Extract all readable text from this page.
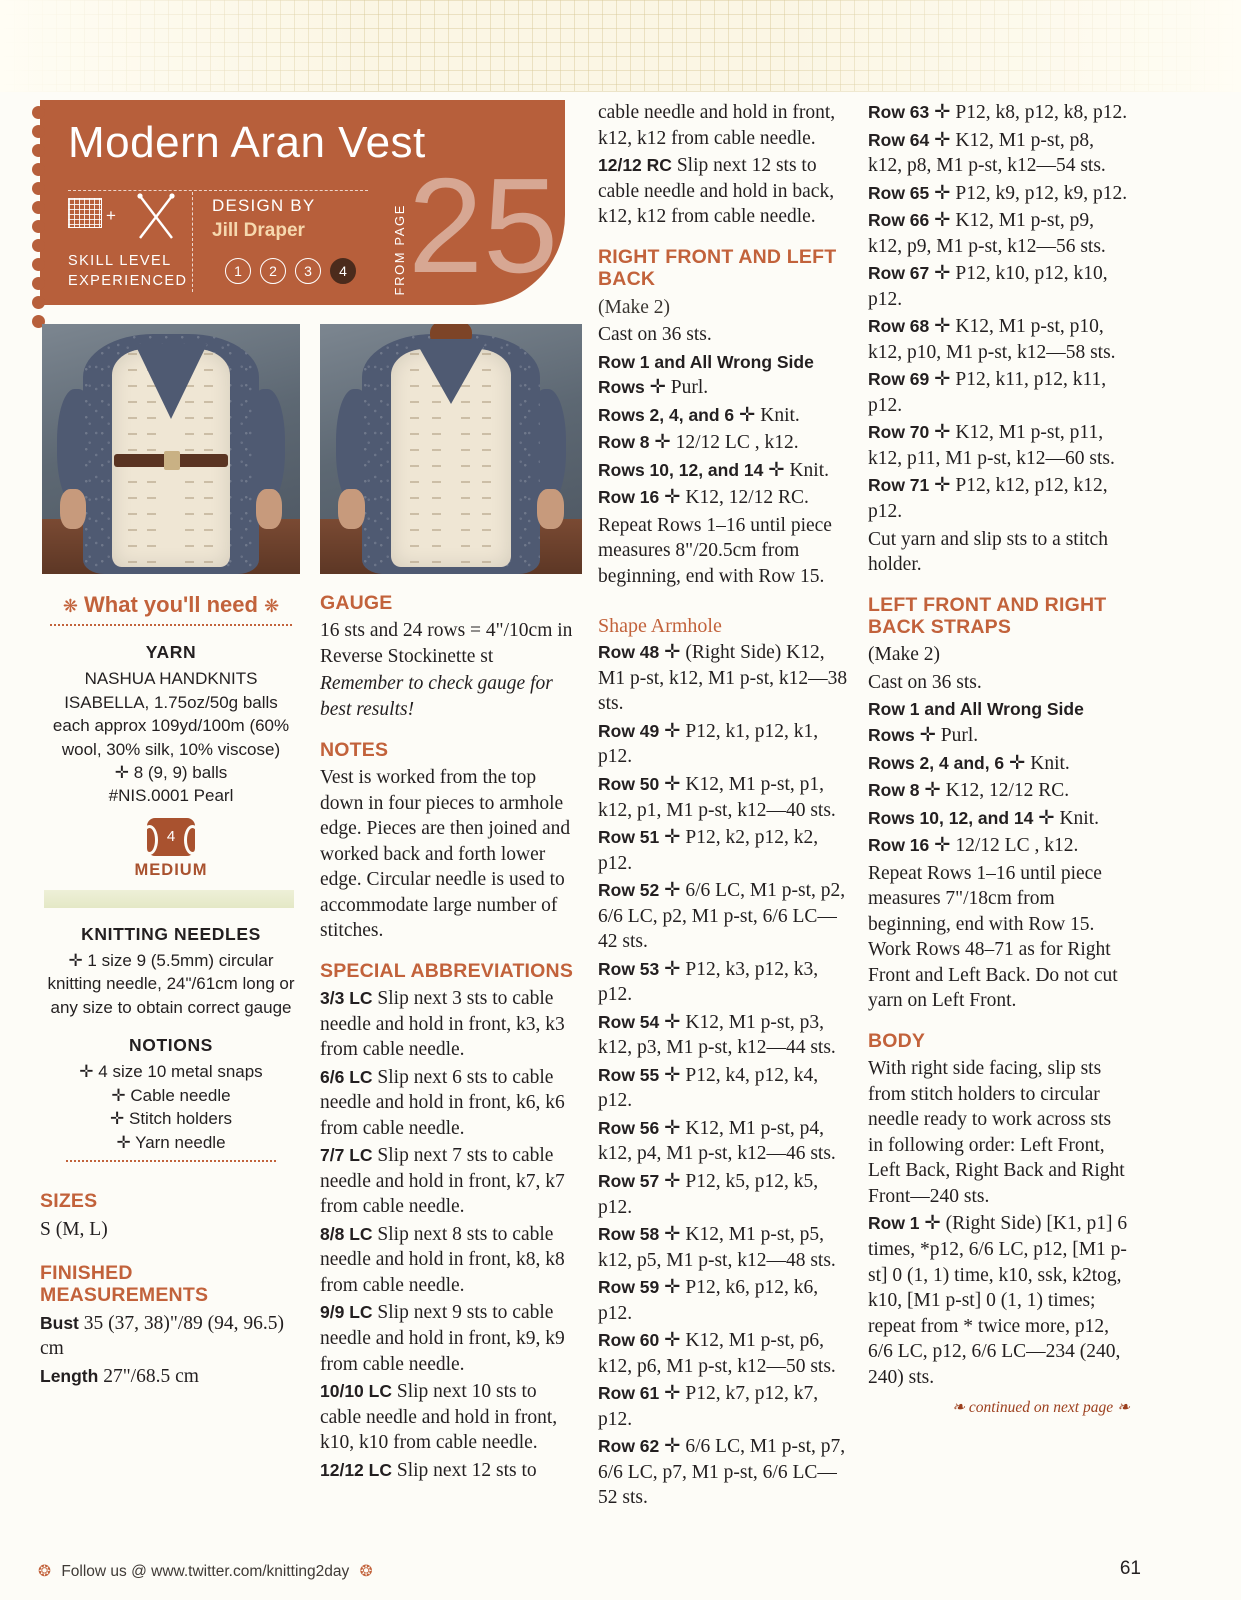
Modern Aran Vest
+
DESIGN BY
Jill Draper
SKILL LEVEL
EXPERIENCED
1	2	3	4	FROM PAGE 25
❋ What you'll need ❋
YARN
NASHUA HANDKNITS ISABELLA, 1.75oz/50g balls each approx 109yd/100m (60% wool, 30% silk, 10% viscose)
✛ 8 (9, 9) balls
#NIS.0001 Pearl
4
MEDIUM
KNITTING NEEDLES
✛ 1 size 9 (5.5mm) circular knitting needle, 24"/61cm long or any size to obtain correct gauge
NOTIONS
✛ 4 size 10 metal snaps
✛ Cable needle
✛ Stitch holders
✛ Yarn needle
SIZES

S (M, L)

FINISHED MEASUREMENTS

Bust 35 (37, 38)"/89 (94, 96.5) cm

Length 27"/68.5 cm

GAUGE

16 sts and 24 rows = 4"/10cm in Reverse Stockinette st

Remember to check gauge for best results!

NOTES

Vest is worked from the top down in four pieces to armhole edge. Pieces are then joined and worked back and forth lower edge. Circular needle is used to accommodate large number of stitches.

SPECIAL ABBREVIATIONS

3/3 LC Slip next 3 sts to cable needle and hold in front, k3, k3 from cable needle.

6/6 LC Slip next 6 sts to cable needle and hold in front, k6, k6 from cable needle.

7/7 LC Slip next 7 sts to cable needle and hold in front, k7, k7 from cable needle.

8/8 LC Slip next 8 sts to cable needle and hold in front, k8, k8 from cable needle.

9/9 LC Slip next 9 sts to cable needle and hold in front, k9, k9 from cable needle.

10/10 LC Slip next 10 sts to cable needle and hold in front, k10, k10 from cable needle.

12/12 LC Slip next 12 sts to

cable needle and hold in front, k12, k12 from cable needle.

12/12 RC Slip next 12 sts to cable needle and hold in back, k12, k12 from cable needle.

RIGHT FRONT AND LEFT BACK

(Make 2)

Cast on 36 sts.

Row 1 and All Wrong Side Rows ✛ Purl.

Rows 2, 4, and 6 ✛ Knit.

Row 8 ✛ 12/12 LC , k12.

Rows 10, 12, and 14 ✛ Knit.

Row 16 ✛ K12, 12/12 RC.

Repeat Rows 1–16 until piece measures 8"/20.5cm from beginning, end with Row 15.

Shape Armhole

Row 48 ✛ (Right Side) K12, M1 p-st, k12, M1 p-st, k12—38 sts.

Row 49 ✛ P12, k1, p12, k1, p12.

Row 50 ✛ K12, M1 p-st, p1, k12, p1, M1 p-st, k12—40 sts.

Row 51 ✛ P12, k2, p12, k2, p12.

Row 52 ✛ 6/6 LC, M1 p-st, p2, 6/6 LC, p2, M1 p-st, 6/6 LC—42 sts.

Row 53 ✛ P12, k3, p12, k3, p12.

Row 54 ✛ K12, M1 p-st, p3, k12, p3, M1 p-st, k12—44 sts.

Row 55 ✛ P12, k4, p12, k4, p12.

Row 56 ✛ K12, M1 p-st, p4, k12, p4, M1 p-st, k12—46 sts.

Row 57 ✛ P12, k5, p12, k5, p12.

Row 58 ✛ K12, M1 p-st, p5, k12, p5, M1 p-st, k12—48 sts.

Row 59 ✛ P12, k6, p12, k6, p12.

Row 60 ✛ K12, M1 p-st, p6, k12, p6, M1 p-st, k12—50 sts.

Row 61 ✛ P12, k7, p12, k7, p12.

Row 62 ✛ 6/6 LC, M1 p-st, p7, 6/6 LC, p7, M1 p-st, 6/6 LC—52 sts.

Row 63 ✛ P12, k8, p12, k8, p12.

Row 64 ✛ K12, M1 p-st, p8, k12, p8, M1 p-st, k12—54 sts.

Row 65 ✛ P12, k9, p12, k9, p12.

Row 66 ✛ K12, M1 p-st, p9, k12, p9, M1 p-st, k12—56 sts.

Row 67 ✛ P12, k10, p12, k10, p12.

Row 68 ✛ K12, M1 p-st, p10, k12, p10, M1 p-st, k12—58 sts.

Row 69 ✛ P12, k11, p12, k11, p12.

Row 70 ✛ K12, M1 p-st, p11, k12, p11, M1 p-st, k12—60 sts.

Row 71 ✛ P12, k12, p12, k12, p12.

Cut yarn and slip sts to a stitch holder.

LEFT FRONT AND RIGHT BACK STRAPS

(Make 2)

Cast on 36 sts.

Row 1 and All Wrong Side Rows ✛ Purl.

Rows 2, 4 and, 6 ✛ Knit.

Row 8 ✛ K12, 12/12 RC.

Rows 10, 12, and 14 ✛ Knit.

Row 16 ✛ 12/12 LC , k12.

Repeat Rows 1–16 until piece measures 7"/18cm from beginning, end with Row 15. Work Rows 48–71 as for Right Front and Left Back. Do not cut yarn on Left Front.

BODY

With right side facing, slip sts from stitch holders to circular needle ready to work across sts in following order: Left Front, Left Back, Right Back and Right Front—240 sts.

Row 1 ✛ (Right Side) [K1, p1] 6 times, *p12, 6/6 LC, p12, [M1 p-st] 0 (1, 1) time, k10, ssk, k2tog, k10, [M1 p-st] 0 (1, 1) times; repeat from * twice more, p12, 6/6 LC, p12, 6/6 LC—234 (240, 240) sts.

❧ continued on next page ❧
❂ Follow us @ www.twitter.com/knitting2day ❂	61
